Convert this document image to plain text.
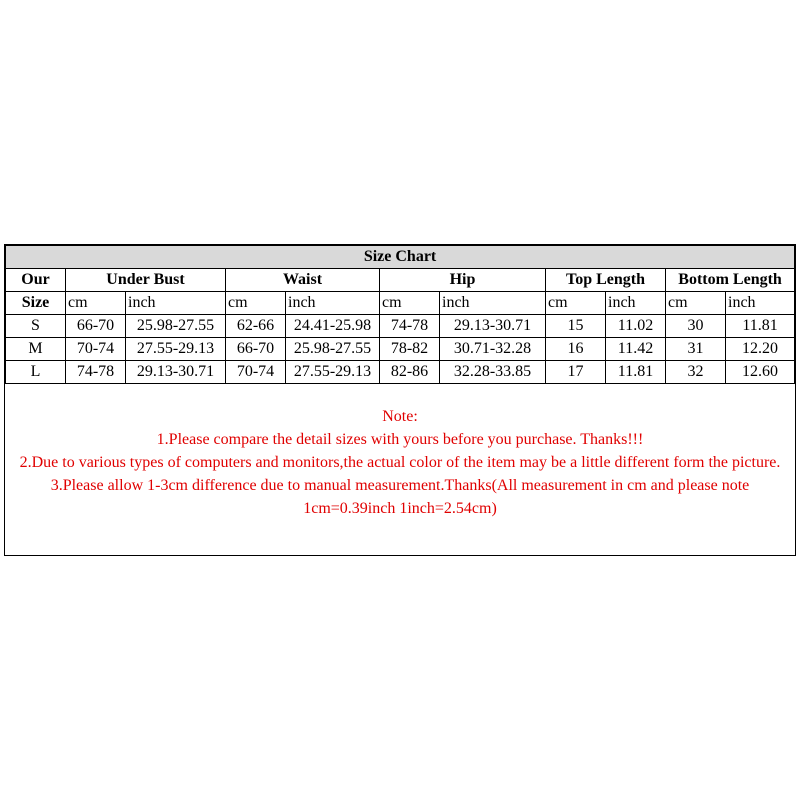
Size Chart										
Our	Under Bust		Waist		Hip		Top Length		Bottom Length	
Size	cm	inch	cm	inch	cm	inch	cm	inch	cm	inch
S	66-70	25.98-27.55	62-66	24.41-25.98	74-78	29.13-30.71	15	11.02	30	11.81
M	70-74	27.55-29.13	66-70	25.98-27.55	78-82	30.71-32.28	16	11.42	31	12.20
L	74-78	29.13-30.71	70-74	27.55-29.13	82-86	32.28-33.85	17	11.81	32	12.60
Note:
1.Please compare the detail sizes with yours before you purchase. Thanks!!!
2.Due to various types of computers and monitors,the actual color of the item may be a little different form the picture.
3.Please allow 1-3cm difference due to manual measurement.Thanks(All measurement in cm and please note 1cm=0.39inch 1inch=2.54cm)
